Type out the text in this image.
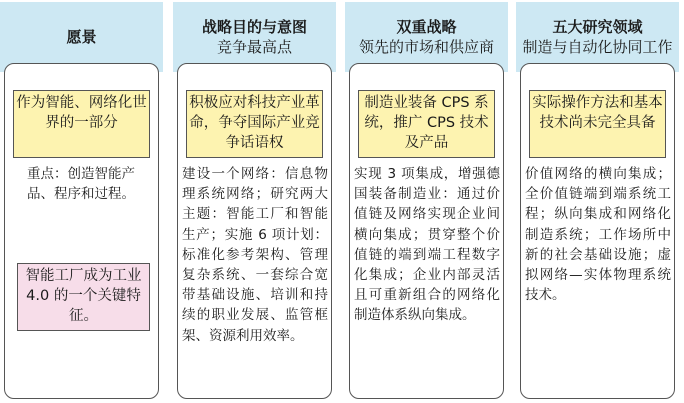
愿景
作为智能、网络化世界的一部分
重点：创造智能产品、程序和过程。
智能工厂成为工业 4.0 的一个关键特征。
战略目的与意图
竞争最高点
积极应对科技产业革命，争夺国际产业竞争话语权
建设一个网络：信息物理系统网络；研究两大主题：智能工厂和智能生产；实施 6 项计划：标准化参考架构、管理复杂系统、一套综合宽带基础设施、培训和持续的职业发展、监管框架、资源利用效率。
双重战略
领先的市场和供应商
制造业装备 CPS 系统，推广 CPS 技术及产品
实现 3 项集成，增强德国装备制造业：通过价值链及网络实现企业间横向集成；贯穿整个价值链的端到端工程数字化集成；企业内部灵活且可重新组合的网络化制造体系纵向集成。
五大研究领域
制造与自动化协同工作
实际操作方法和基本技术尚未完全具备
价值网络的横向集成；全价值链端到端系统工程；纵向集成和网络化制造系统；工作场所中新的社会基础设施；虚拟网络—实体物理系统技术。
